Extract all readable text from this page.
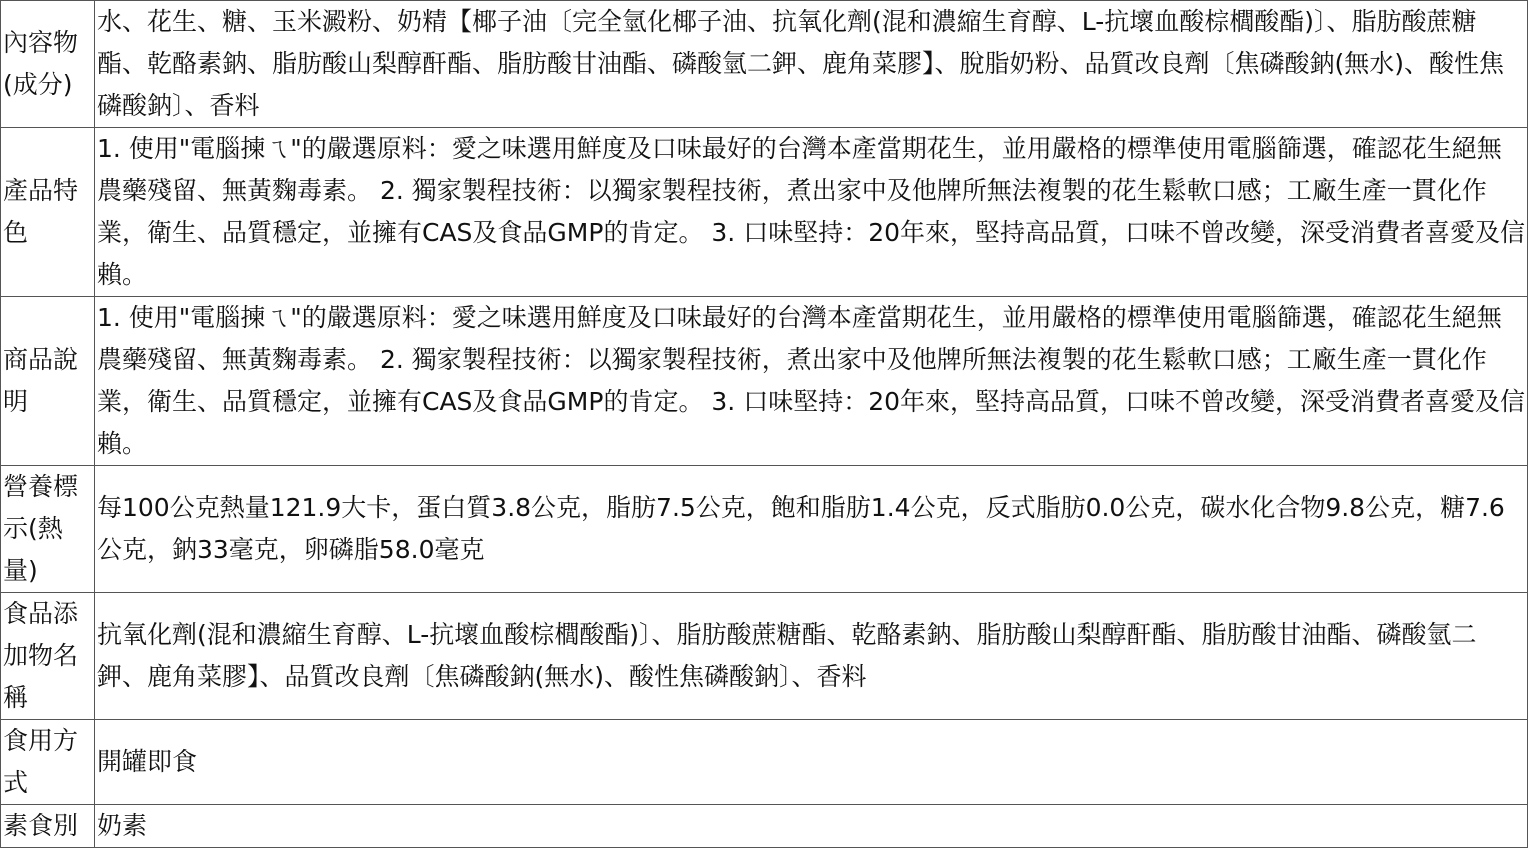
內容物(成分)	水、花生、糖、玉米澱粉、奶精【椰子油〔完全氫化椰子油、抗氧化劑(混和濃縮生育醇、L-抗壞血酸棕櫚酸酯)〕、脂肪酸蔗糖酯、乾酪素鈉、脂肪酸山梨醇酐酯、脂肪酸甘油酯、磷酸氫二鉀、鹿角菜膠】、脫脂奶粉、品質改良劑〔焦磷酸鈉(無水)、酸性焦磷酸鈉〕、香料
產品特色	1. 使用"電腦揀ㄟ"的嚴選原料：愛之味選用鮮度及口味最好的台灣本產當期花生，並用嚴格的標準使用電腦篩選，確認花生絕無農藥殘留、無黃麴毒素。 2. 獨家製程技術：以獨家製程技術，煮出家中及他牌所無法複製的花生鬆軟口感；工廠生產一貫化作業，衛生、品質穩定，並擁有CAS及食品GMP的肯定。 3. 口味堅持：20年來，堅持高品質，口味不曾改變，深受消費者喜愛及信賴。
商品說明	1. 使用"電腦揀ㄟ"的嚴選原料：愛之味選用鮮度及口味最好的台灣本產當期花生，並用嚴格的標準使用電腦篩選，確認花生絕無農藥殘留、無黃麴毒素。 2. 獨家製程技術：以獨家製程技術，煮出家中及他牌所無法複製的花生鬆軟口感；工廠生產一貫化作業，衛生、品質穩定，並擁有CAS及食品GMP的肯定。 3. 口味堅持：20年來，堅持高品質，口味不曾改變，深受消費者喜愛及信賴。
營養標示(熱量)	每100公克熱量121.9大卡，蛋白質3.8公克，脂肪7.5公克，飽和脂肪1.4公克，反式脂肪0.0公克，碳水化合物9.8公克，糖7.6公克，鈉33毫克，卵磷脂58.0毫克
食品添加物名稱	抗氧化劑(混和濃縮生育醇、L-抗壞血酸棕櫚酸酯)〕、脂肪酸蔗糖酯、乾酪素鈉、脂肪酸山梨醇酐酯、脂肪酸甘油酯、磷酸氫二鉀、鹿角菜膠】、品質改良劑〔焦磷酸鈉(無水)、酸性焦磷酸鈉〕、香料
食用方式	開罐即食
素食別	奶素
